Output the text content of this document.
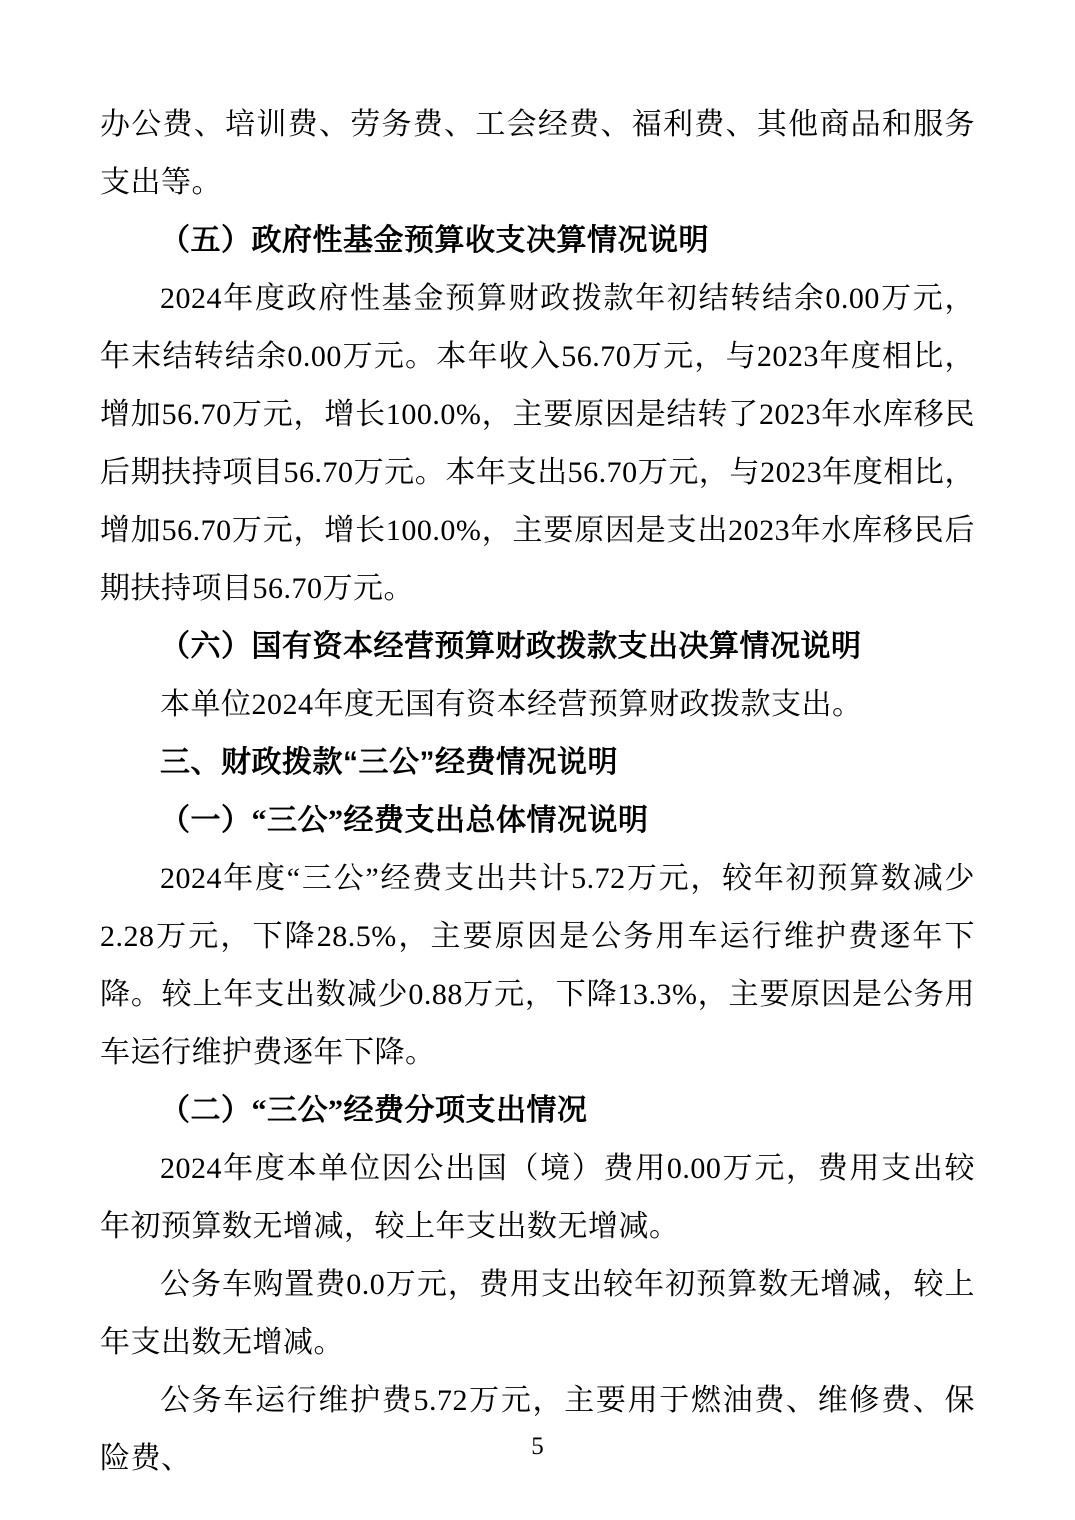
办公费、培训费、劳务费、工会经费、福利费、其他商品和服务支出等。

（五）政府性基金预算收支决算情况说明

2024年度政府性基金预算财政拨款年初结转结余0.00万元，年末结转结余0.00万元。本年收入56.70万元，与2023年度相比，增加56.70万元，增长100.0%，主要原因是结转了2023年水库移民后期扶持项目56.70万元。本年支出56.70万元，与2023年度相比，增加56.70万元，增长100.0%，主要原因是支出2023年水库移民后期扶持项目56.70万元。

（六）国有资本经营预算财政拨款支出决算情况说明

本单位2024年度无国有资本经营预算财政拨款支出。

三、财政拨款“三公”经费情况说明

（一）“三公”经费支出总体情况说明

2024年度“三公”经费支出共计5.72万元，较年初预算数减少2.28万元，下降28.5%，主要原因是公务用车运行维护费逐年下降。较上年支出数减少0.88万元，下降13.3%，主要原因是公务用车运行维护费逐年下降。

（二）“三公”经费分项支出情况

2024年度本单位因公出国（境）费用0.00万元，费用支出较年初预算数无增减，较上年支出数无增减。

公务车购置费0.0万元，费用支出较年初预算数无增减，较上年支出数无增减。

公务车运行维护费5.72万元，主要用于燃油费、维修费、保险费、	5
